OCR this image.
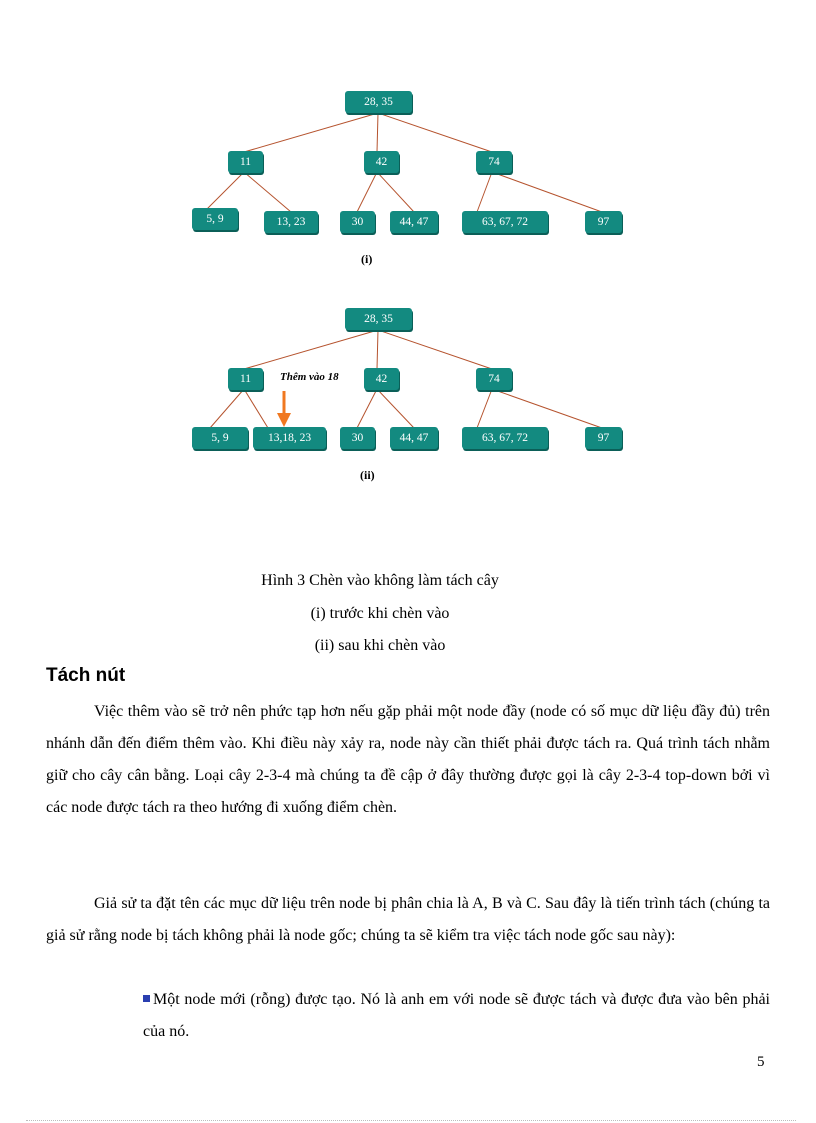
28, 35
11	42	74
5, 9	13, 23	30	44, 47	63, 67, 72	97
(i)
28, 35
11	42	74
5, 9	13,18, 23	30	44, 47	63, 67, 72	97
Thêm vào 18
(ii)
Hình 3 Chèn vào không làm tách cây
(i) trước khi chèn vào
(ii) sau khi chèn vào
Tách nút

Việc thêm vào sẽ trở nên phức tạp hơn nếu gặp phải một node đầy (node có số mục dữ liệu đầy đủ) trên nhánh dẫn đến điểm thêm vào. Khi điều này xảy ra, node này cần thiết phải được tách ra. Quá trình tách nhằm giữ cho cây cân bằng. Loại cây 2-3-4 mà chúng ta đề cập ở đây thường được gọi là cây 2-3-4 top-down bởi vì các node được tách ra theo hướng đi xuống điểm chèn.

Giả sử ta đặt tên các mục dữ liệu trên node bị phân chia là A, B và C. Sau đây là tiến trình tách (chúng ta giả sử rằng node bị tách không phải là node gốc; chúng ta sẽ kiểm tra việc tách node gốc sau này):

Một node mới (rỗng) được tạo. Nó là anh em với node sẽ được tách và được đưa vào bên phải của nó.
5
